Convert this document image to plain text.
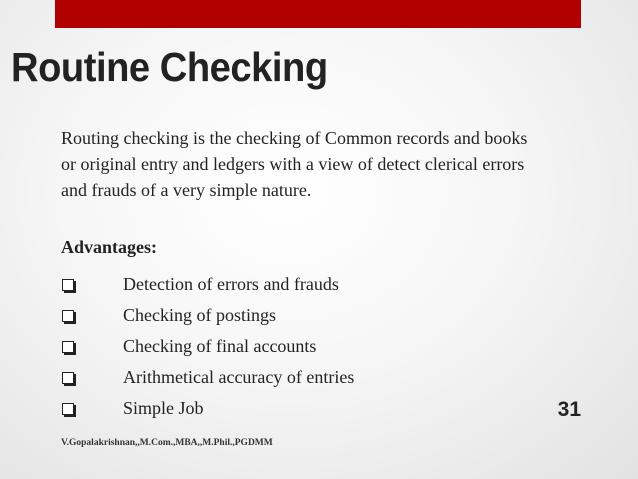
Routine Checking

Routing checking is the checking of Common records and books or original entry and ledgers with a view of detect clerical errors and frauds of a very simple nature.

Advantages:

Detection of errors and frauds
Checking of postings
Checking of final accounts
Arithmetical accuracy of entries
Simple Job	31
V.Gopalakrishnan,,M.Com.,MBA,,M.Phil.,PGDMM
